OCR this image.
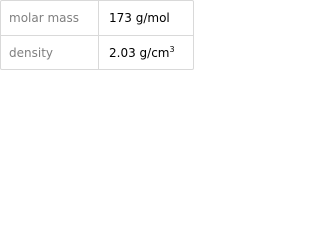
molar mass 173 g/mol
density	2.03 $g/cm^3$
